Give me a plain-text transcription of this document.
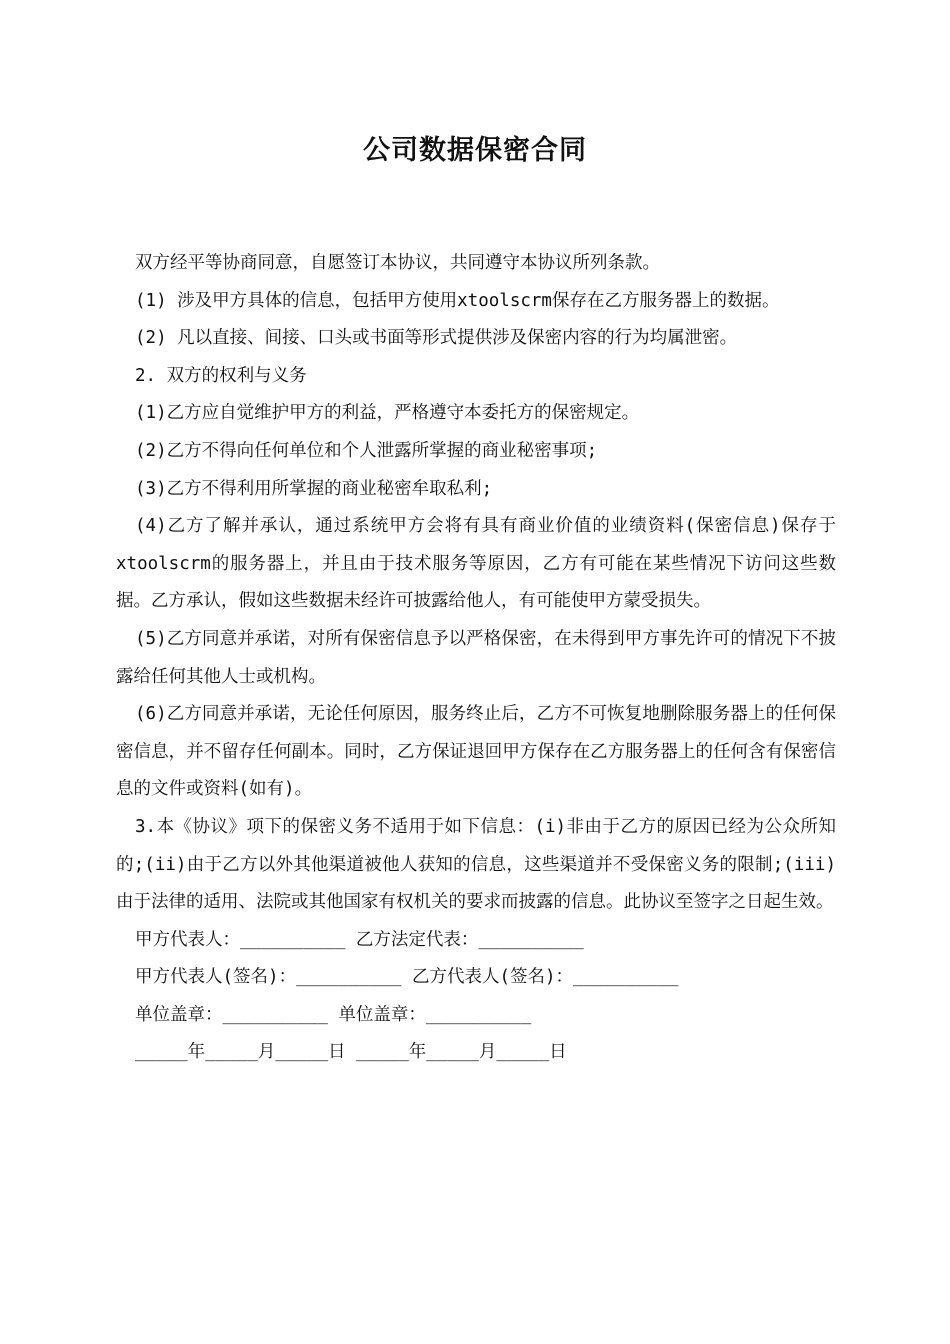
公司数据保密合同

双方经平等协商同意，自愿签订本协议，共同遵守本协议所列条款。

(1) 涉及甲方具体的信息，包括甲方使用xtoolscrm保存在乙方服务器上的数据。

(2) 凡以直接、间接、口头或书面等形式提供涉及保密内容的行为均属泄密。

2. 双方的权利与义务

(1)乙方应自觉维护甲方的利益，严格遵守本委托方的保密规定。

(2)乙方不得向任何单位和个人泄露所掌握的商业秘密事项;

(3)乙方不得利用所掌握的商业秘密牟取私利;

(4)乙方了解并承认，通过系统甲方会将有具有商业价值的业绩资料(保密信息)保存于xtoolscrm的服务器上，并且由于技术服务等原因，乙方有可能在某些情况下访问这些数据。乙方承认，假如这些数据未经许可披露给他人，有可能使甲方蒙受损失。

(5)乙方同意并承诺，对所有保密信息予以严格保密，在未得到甲方事先许可的情况下不披露给任何其他人士或机构。

(6)乙方同意并承诺，无论任何原因，服务终止后，乙方不可恢复地删除服务器上的任何保密信息，并不留存任何副本。同时，乙方保证退回甲方保存在乙方服务器上的任何含有保密信息的文件或资料(如有)。

3.本《协议》项下的保密义务不适用于如下信息：(i)非由于乙方的原因已经为公众所知的;(ii)由于乙方以外其他渠道被他人获知的信息，这些渠道并不受保密义务的限制;(iii)由于法律的适用、法院或其他国家有权机关的要求而披露的信息。此协议至签字之日起生效。

甲方代表人：__________ 乙方法定代表：__________

甲方代表人(签名)：__________ 乙方代表人(签名)：__________

单位盖章：__________ 单位盖章：__________

_____年_____月_____日 _____年_____月_____日
